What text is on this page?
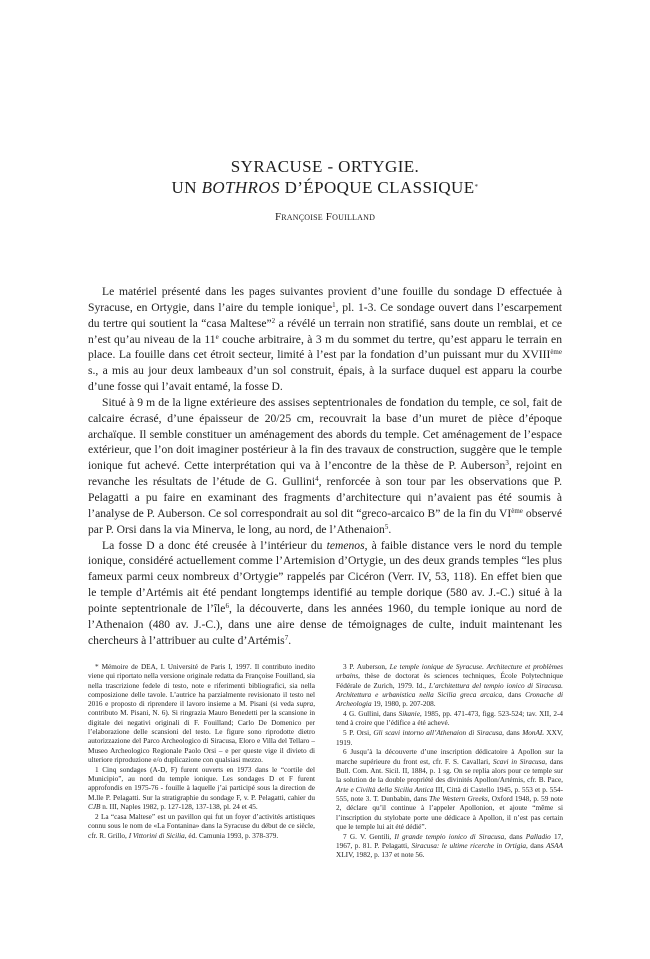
SYRACUSE - ORTYGIE.
UN BOTHROS D’ÉPOQUE CLASSIQUE*
Françoise Fouilland

Le matériel présenté dans les pages suivantes provient d’une fouille du sondage D effectuée à Syracuse, en Ortygie, dans l’aire du temple ionique$^1$, pl. 1-3. Ce sondage ouvert dans l’escarpement du tertre qui soutient la “casa Maltese”$^2$ a révélé un terrain non stratifié, sans doute un remblai, et ce n’est qu’au niveau de la 11e couche arbitraire, à 3 m du sommet du tertre, qu’est apparu le terrain en place. La fouille dans cet étroit secteur, limité à l’est par la fondation d’un puissant mur du XVIIIème s., a mis au jour deux lambeaux d’un sol construit, épais, à la surface duquel est apparu la courbe d’une fosse qui l’avait entamé, la fosse D.

Situé à 9 m de la ligne extérieure des assises septentrionales de fondation du temple, ce sol, fait de calcaire écrasé, d’une épaisseur de 20/25 cm, recouvrait la base d’un muret de pièce d’époque archaïque. Il semble constituer un aménagement des abords du temple. Cet aménagement de l’espace extérieur, que l’on doit imaginer postérieur à la fin des travaux de construction, suggère que le temple ionique fut achevé. Cette interprétation qui va à l’encontre de la thèse de P. Auberson$^3$, rejoint en revanche les résultats de l’étude de G. Gullini$^4$, renforcée à son tour par les observations que P. Pelagatti a pu faire en examinant des fragments d’architecture qui n’avaient pas été soumis à l’analyse de P. Auberson. Ce sol correspondrait au sol dit “greco-arcaico B” de la fin du VIème observé par P. Orsi dans la via Minerva, le long, au nord, de l’Athenaion$^5$.

La fosse D a donc été creusée à l’intérieur du temenos, à faible distance vers le nord du temple ionique, considéré actuellement comme l’Artemision d’Ortygie, un des deux grands temples “les plus fameux parmi ceux nombreux d’Ortygie” rappelés par Cicéron (Verr. IV, 53, 118). En effet bien que le temple d’Artémis ait été pendant longtemps identifié au temple dorique (580 av. J.-C.) situé à la pointe septentrionale de l’île$^6$, la découverte, dans les années 1960, du temple ionique au nord de l’Athenaion (480 av. J.-C.), dans une aire dense de témoignages de culte, induit maintenant les chercheurs à l’attribuer au culte d’Artémis$^7$.

* Mémoire de DEA, I. Université de Paris I, 1997. Il contributo inedito viene qui riportato nella versione originale redatta da Françoise Fouilland, sia nella trascrizione fedele di testo, note e riferimenti bibliografici, sia nella composizione delle tavole. L’autrice ha parzialmente revisionato il testo nel 2016 e proposto di riprendere il lavoro insieme a M. Pisani (si veda supra, contributo M. Pisani, N. 6). Si ringrazia Mauro Benedetti per la scansione in digitale dei negativi originali di F. Fouilland; Carlo De Domenico per l’elaborazione delle scansioni del testo. Le figure sono riprodotte dietro autorizzazione del Parco Archeologico di Siracusa, Eloro e Villa del Tellaro – Museo Archeologico Regionale Paolo Orsi – e per queste vige il divieto di ulteriore riproduzione e/o duplicazione con qualsiasi mezzo.

1 Cinq sondages (A-D, F) furent ouverts en 1973 dans le “cortile del Municipio”, au nord du temple ionique. Les sondages D et F furent approfondis en 1975-76 - fouille à laquelle j’ai participé sous la direction de M.lle P. Pelagatti. Sur la stratigraphie du sondage F, v. P. Pelagatti, cahier du CJB n. III, Naples 1982, p. 127-128, 137-138, pl. 24 et 45.

2 La “casa Maltese” est un pavillon qui fut un foyer d’activités artistiques connu sous le nom de «La Fontanina» dans la Syracuse du début de ce siècle, cfr. R. Grillo, I Vittorini di Sicilia, éd. Camunia 1993, p. 378-379.

3 P. Auberson, Le temple ionique de Syracuse. Architecture et problèmes urbains, thèse de doctorat ès sciences techniques, École Polytechnique Fédérale de Zurich, 1979. Id., L’architettura del tempio ionico di Siracusa. Architettura e urbanistica nella Sicilia greca arcaica, dans Cronache di Archeologia 19, 1980, p. 207-208.

4 G. Gullini, dans Sikanie, 1985, pp. 471-473, figg. 523-524; tav. XII, 2-4 tend à croire que l’édifice a été achevé.

5 P. Orsi, Gli scavi intorno all’Athenaion di Siracusa, dans MonAL XXV, 1919.

6 Jusqu’à la découverte d’une inscription dédicatoire à Apollon sur la marche supérieure du front est, cfr. F. S. Cavallari, Scavi in Siracusa, dans Bull. Com. Ant. Sicil. II, 1884, p. 1 sg. On se replia alors pour ce temple sur la solution de la double propriété des divinités Apollon/Artémis, cfr. B. Pace, Arte e Civiltà della Sicilia Antica III, Città di Castello 1945, p. 553 et p. 554-555, note 3. T. Dunbabin, dans The Western Greeks, Oxford 1948, p. 59 note 2, déclare qu’il continue à l’appeler Apollonion, et ajoute “même si l’inscription du stylobate porte une dédicace à Apollon, il n’est pas certain que le temple lui ait été dédié”.

7 G. V. Gentili, Il grande tempio ionico di Siracusa, dans Palladio 17, 1967, p. 81. P. Pelagatti, Siracusa: le ultime ricerche in Ortigia, dans ASAA XLIV, 1982, p. 137 et note 56.
